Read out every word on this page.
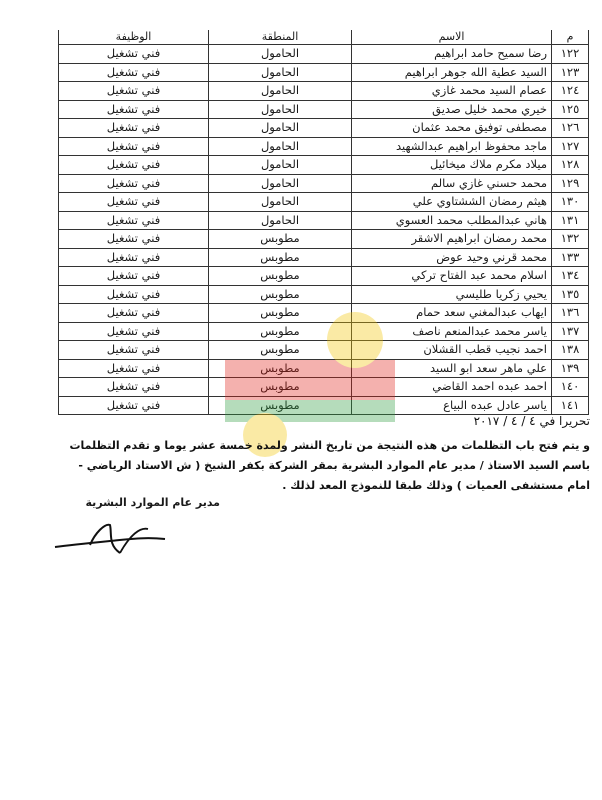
م	الاسم	المنطقة	الوظيفة
١٢٢	رضا سميح حامد ابراهيم	الحامول	فني تشغيل
١٢٣	السيد عطية الله جوهر ابراهيم	الحامول	فني تشغيل
١٢٤	عصام السيد محمد غازي	الحامول	فني تشغيل
١٢٥	خيري محمد خليل صديق	الحامول	فني تشغيل
١٢٦	مصطفى توفيق محمد عثمان	الحامول	فني تشغيل
١٢٧	ماجد محفوظ ابراهيم عبدالشهيد	الحامول	فني تشغيل
١٢٨	ميلاد مكرم ملاك ميخائيل	الحامول	فني تشغيل
١٢٩	محمد حسني غازي سالم	الحامول	فني تشغيل
١٣٠	هيثم رمضان الششتاوي علي	الحامول	فني تشغيل
١٣١	هاني عبدالمطلب محمد العسوي	الحامول	فني تشغيل
١٣٢	محمد رمضان ابراهيم الاشقر	مطوبس	فني تشغيل
١٣٣	محمد قرني وحيد عوض	مطوبس	فني تشغيل
١٣٤	اسلام محمد عبد الفتاح تركي	مطوبس	فني تشغيل
١٣٥	يحيي زكريا طليسي	مطوبس	فني تشغيل
١٣٦	ايهاب عبدالمغني سعد حمام	مطوبس	فني تشغيل
١٣٧	ياسر محمد عبدالمنعم ناصف	مطوبس	فني تشغيل
١٣٨	احمد نجيب قطب القشلان	مطوبس	فني تشغيل
١٣٩	علي ماهر سعد ابو السيد	مطوبس	فني تشغيل
١٤٠	احمد عبده احمد القاضي	مطوبس	فني تشغيل
١٤١	ياسر عادل عبده البياع	مطوبس	فني تشغيل
تحريرا في ٤ / ٤ / ٢٠١٧
و يتم فتح باب التظلمات من هذه النتيجة من تاريخ النشر ولمدة خمسة عشر يوما و تقدم التظلمات باسم السيد الاستاذ / مدير عام الموارد البشرية بمقر الشركة بكفر الشيخ ( ش الاستاد الرياضي - امام مستشفى العميات ) وذلك طبقا للنموذج المعد لذلك .
مدير عام الموارد البشرية
